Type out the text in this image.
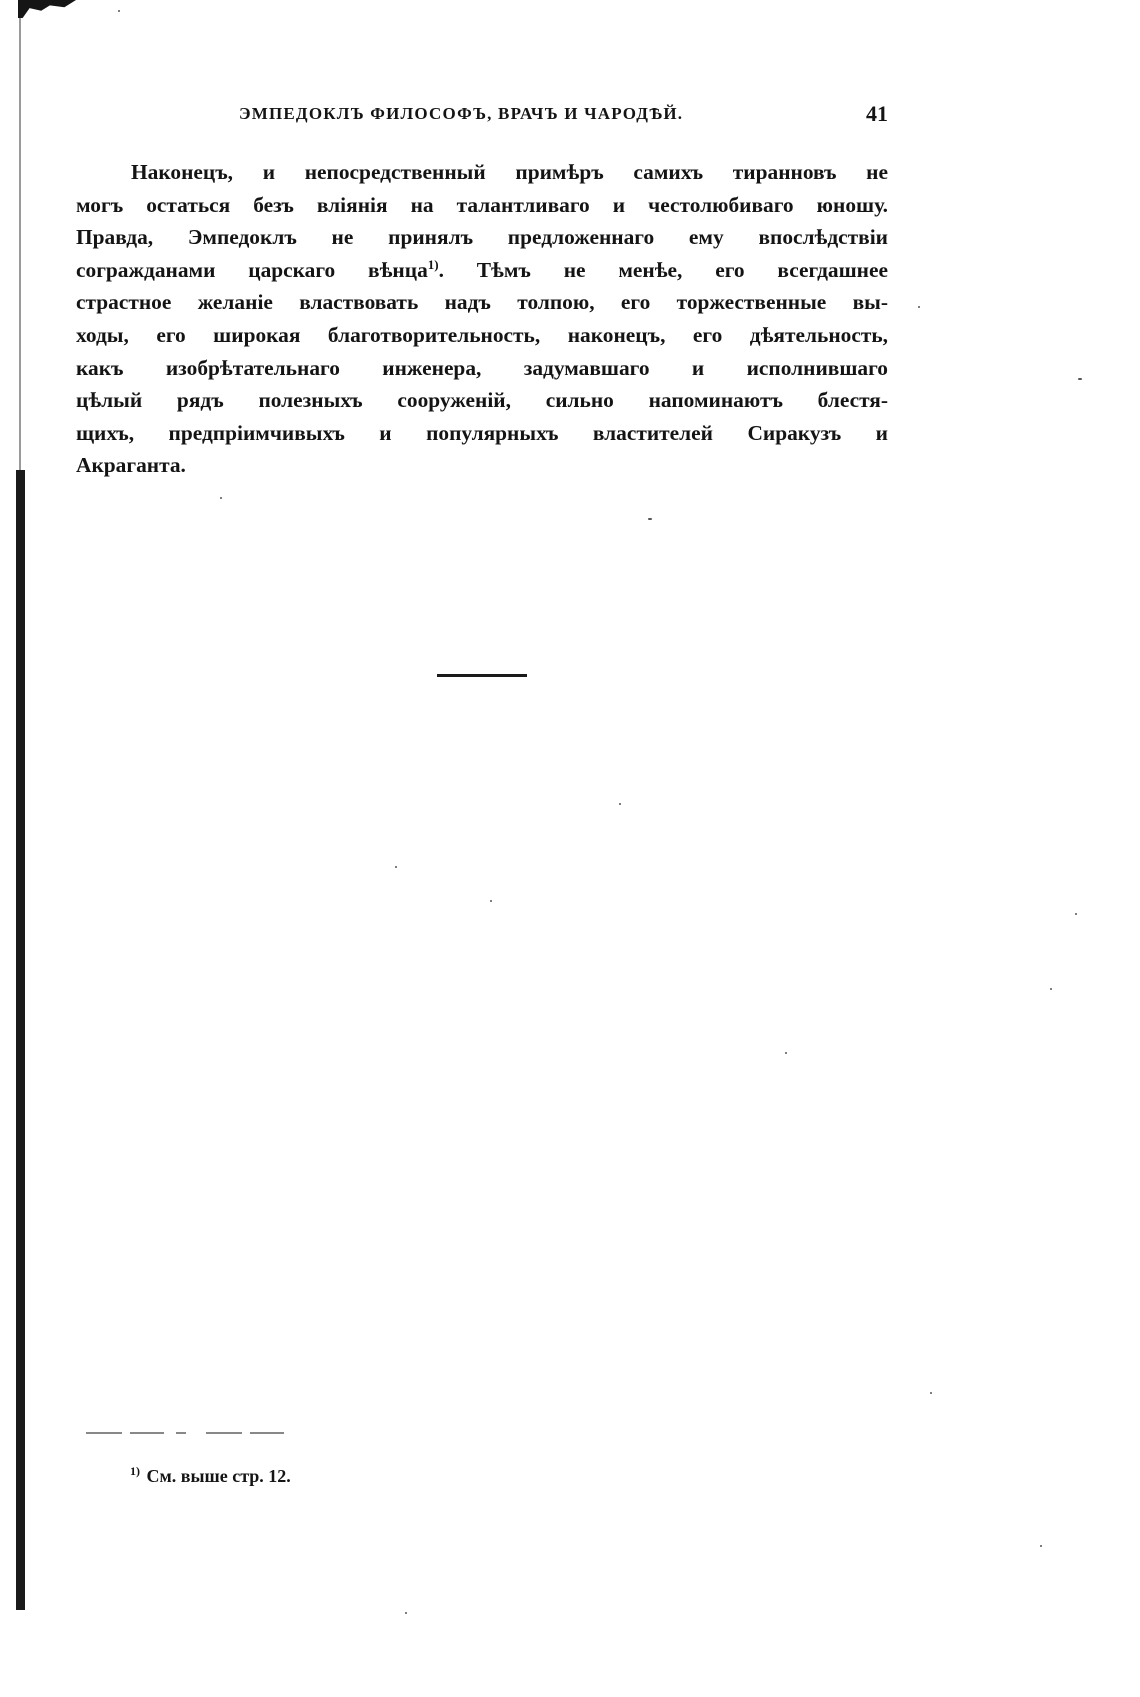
ЭМПЕДОКЛЪ ФИЛОСОФЪ, ВРАЧЪ И ЧАРОДѢЙ.	41
Наконецъ, и непосредственный примѣръ самихъ тиранновъ не
могъ остаться безъ вліянія на талантливаго и честолюбиваго юношу.
Правда, Эмпедоклъ не принялъ предложеннаго ему впослѣдствіи
согражданами царскаго вѣнца$^{1)}$. Тѣмъ не менѣе, его всегдашнее
страстное желаніе властвовать надъ толпою, его торжественные вы-
ходы, его широкая благотворительность, наконецъ, его дѣятельность,
какъ изобрѣтательнаго инженера, задумавшаго и исполнившаго
цѣлый рядъ полезныхъ сооруженій, сильно напоминаютъ блестя-
щихъ, предпріимчивыхъ и популярныхъ властителей Сиракузъ и
Акраганта.
$^{1)}$ См. выше стр. 12.
